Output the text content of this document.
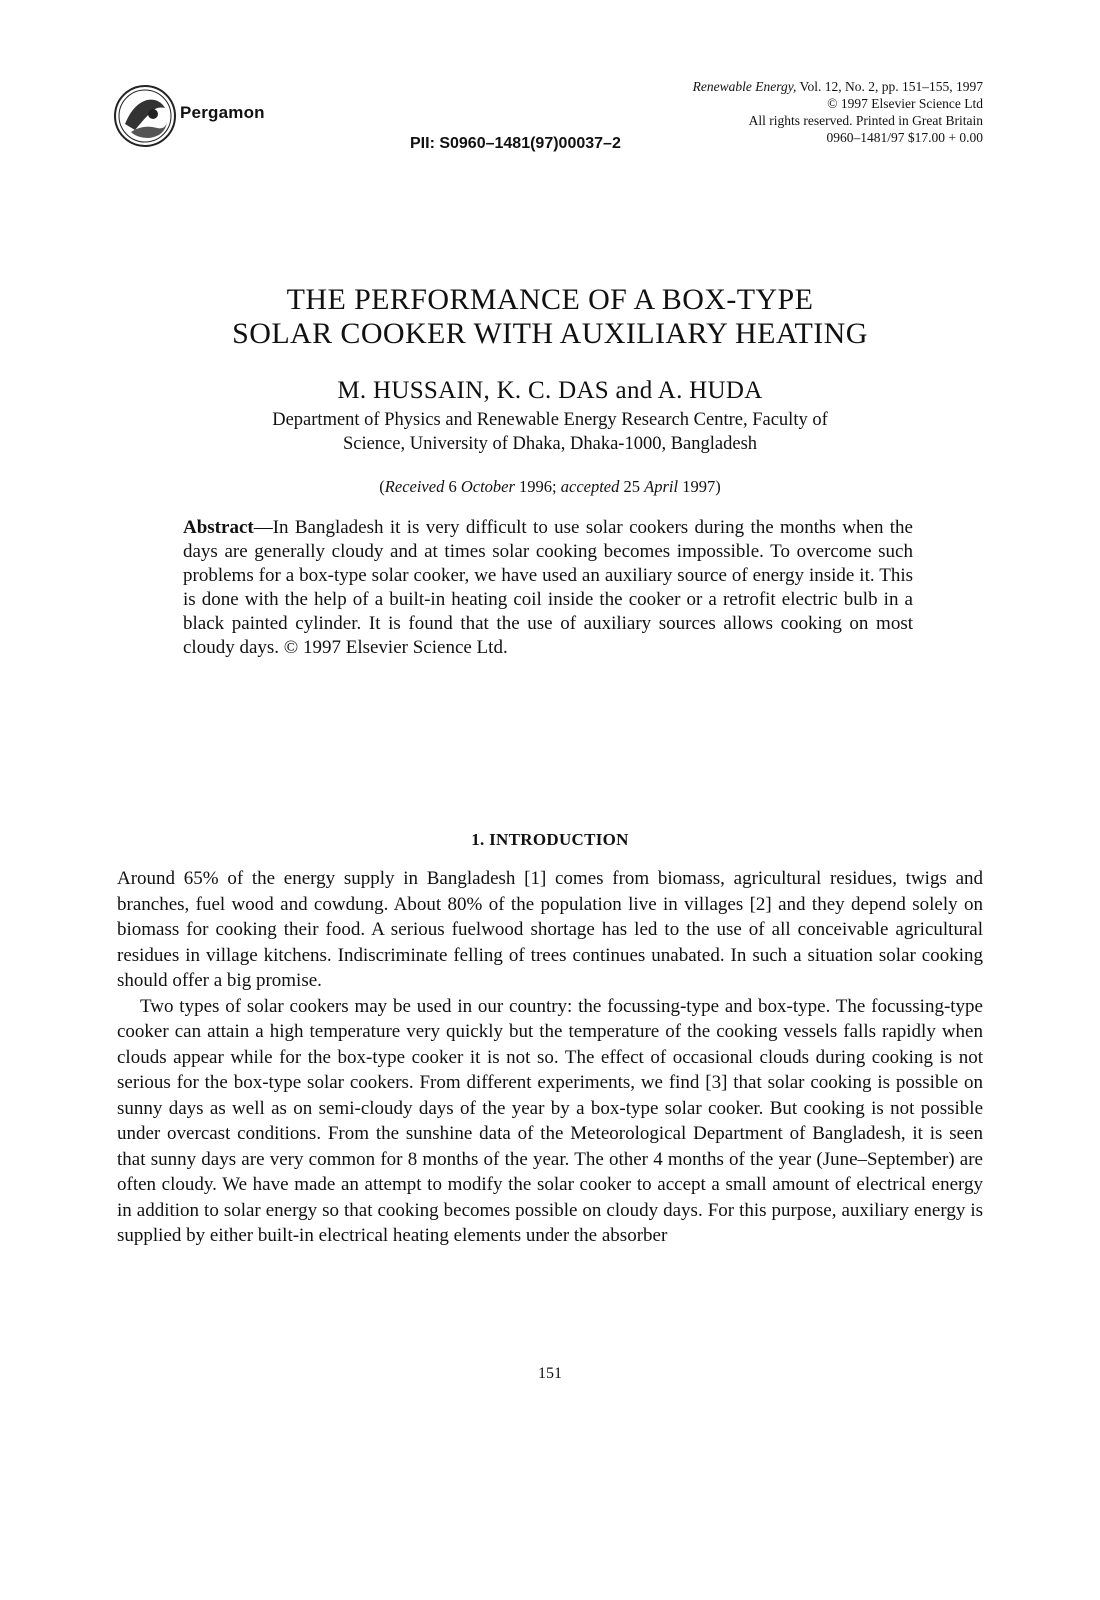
Pergamon
PII: S0960–1481(97)00037–2
Renewable Energy, Vol. 12, No. 2, pp. 151–155, 1997
© 1997 Elsevier Science Ltd
All rights reserved. Printed in Great Britain
0960–1481/97 $17.00 + 0.00
THE PERFORMANCE OF A BOX-TYPE
SOLAR COOKER WITH AUXILIARY HEATING
M. HUSSAIN, K. C. DAS and A. HUDA
Department of Physics and Renewable Energy Research Centre, Faculty of
Science, University of Dhaka, Dhaka-1000, Bangladesh
(Received 6 October 1996; accepted 25 April 1997)
Abstract—In Bangladesh it is very difficult to use solar cookers during the months when the days are generally cloudy and at times solar cooking becomes impossible. To overcome such problems for a box-type solar cooker, we have used an auxiliary source of energy inside it. This is done with the help of a built-in heating coil inside the cooker or a retrofit electric bulb in a black painted cylinder. It is found that the use of auxiliary sources allows cooking on most cloudy days. © 1997 Elsevier Science Ltd.
1. INTRODUCTION

Around 65% of the energy supply in Bangladesh [1] comes from biomass, agricultural residues, twigs and branches, fuel wood and cowdung. About 80% of the population live in villages [2] and they depend solely on biomass for cooking their food. A serious fuelwood shortage has led to the use of all conceivable agricultural residues in village kitchens. Indiscriminate felling of trees continues unabated. In such a situation solar cooking should offer a big promise.

Two types of solar cookers may be used in our country: the focussing-type and box-type. The focussing-type cooker can attain a high temperature very quickly but the temperature of the cooking vessels falls rapidly when clouds appear while for the box-type cooker it is not so. The effect of occasional clouds during cooking is not serious for the box-type solar cookers. From different experiments, we find [3] that solar cooking is possible on sunny days as well as on semi-cloudy days of the year by a box-type solar cooker. But cooking is not possible under overcast conditions. From the sunshine data of the Meteorological Department of Bangladesh, it is seen that sunny days are very common for 8 months of the year. The other 4 months of the year (June–September) are often cloudy. We have made an attempt to modify the solar cooker to accept a small amount of electrical energy in addition to solar energy so that cooking becomes possible on cloudy days. For this purpose, auxiliary energy is supplied by either built-in electrical heating elements under the absorber

151
